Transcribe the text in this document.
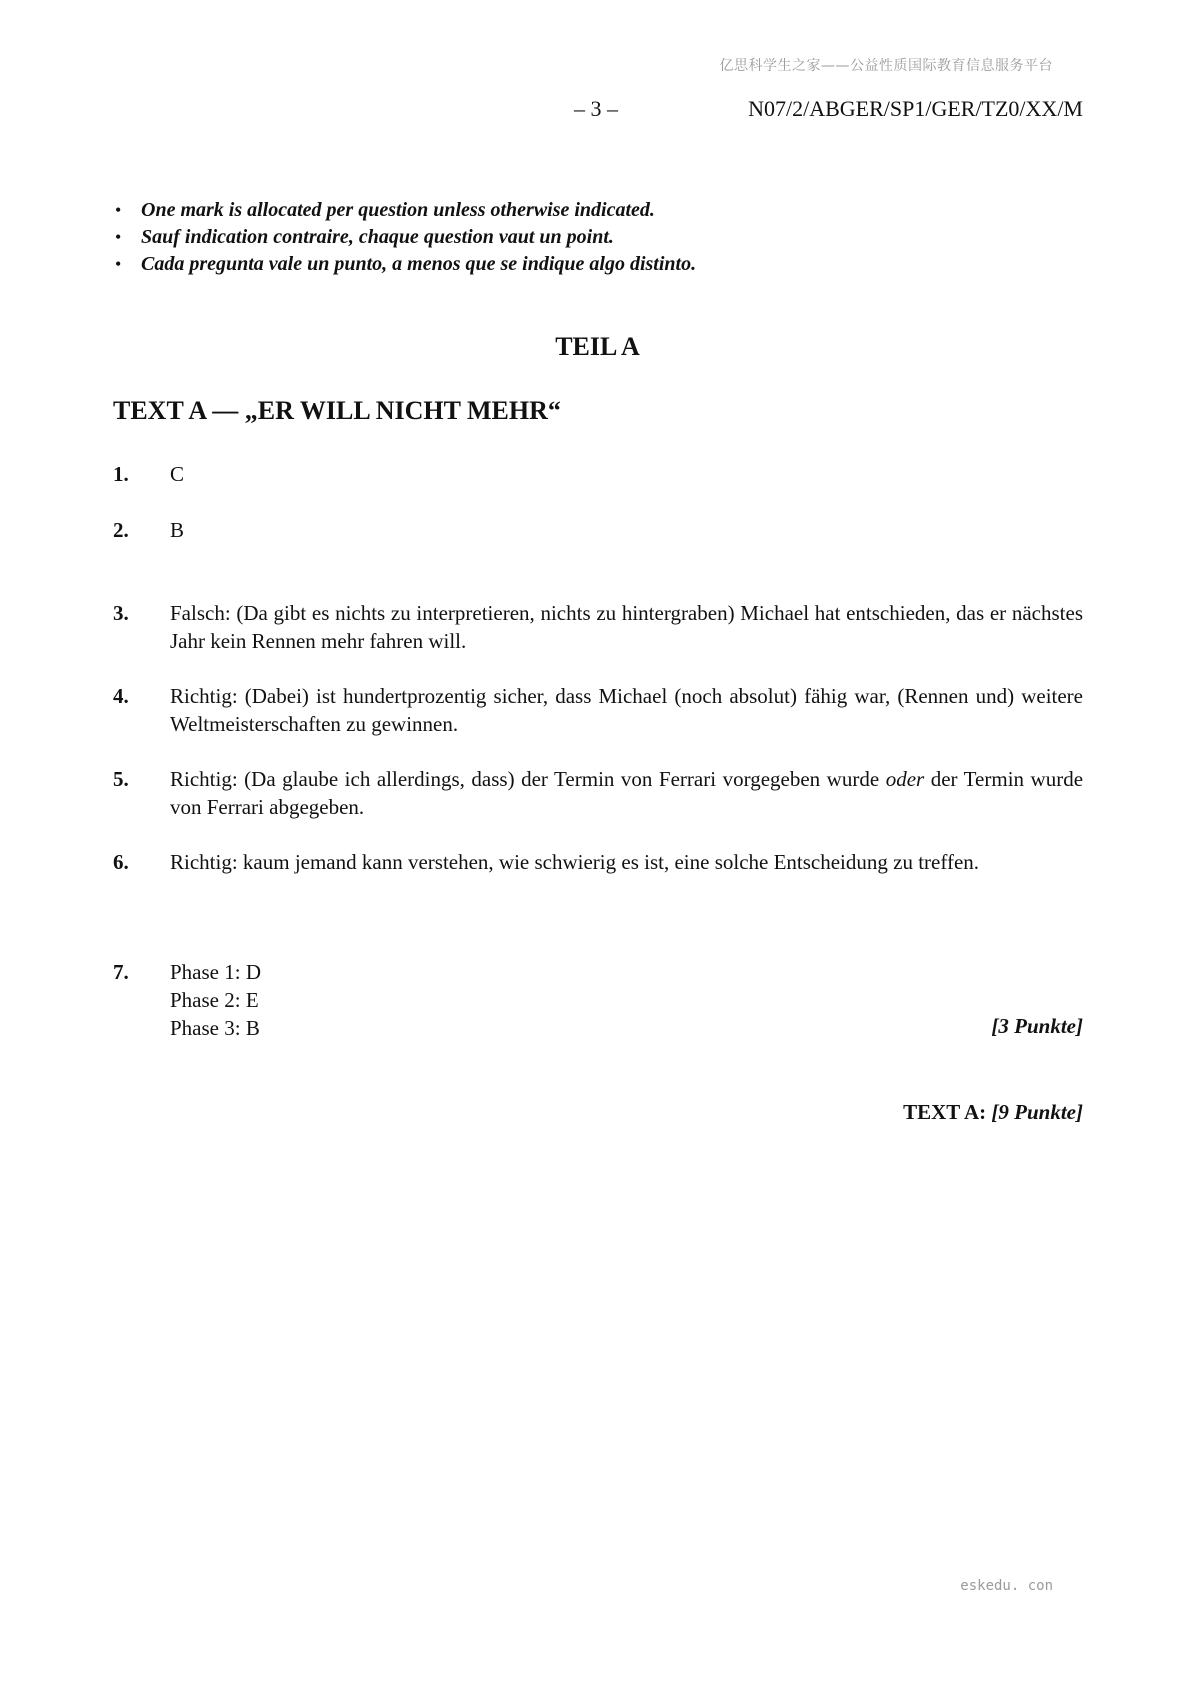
亿思科学生之家——公益性质国际教育信息服务平台
– 3 –	N07/2/ABGER/SP1/GER/TZ0/XX/M
• One mark is allocated per question unless otherwise indicated.
• Sauf indication contraire, chaque question vaut un point.
• Cada pregunta vale un punto, a menos que se indique algo distinto.
TEIL A
TEXT A — „ER WILL NICHT MEHR“
1. C
2. B
3. Falsch: (Da gibt es nichts zu interpretieren, nichts zu hintergraben) Michael hat entschieden, das er nächstes Jahr kein Rennen mehr fahren will.
4. Richtig: (Dabei) ist hundertprozentig sicher, dass Michael (noch absolut) fähig war, (Rennen und) weitere Weltmeisterschaften zu gewinnen.
5. Richtig: (Da glaube ich allerdings, dass) der Termin von Ferrari vorgegeben wurde oder der Termin wurde von Ferrari abgegeben.
6. Richtig: kaum jemand kann verstehen, wie schwierig es ist, eine solche Entscheidung zu treffen.
7. Phase 1: D
Phase 2: E
Phase 3: B	[3 Punkte]
TEXT A: [9 Punkte]
eskedu. con
